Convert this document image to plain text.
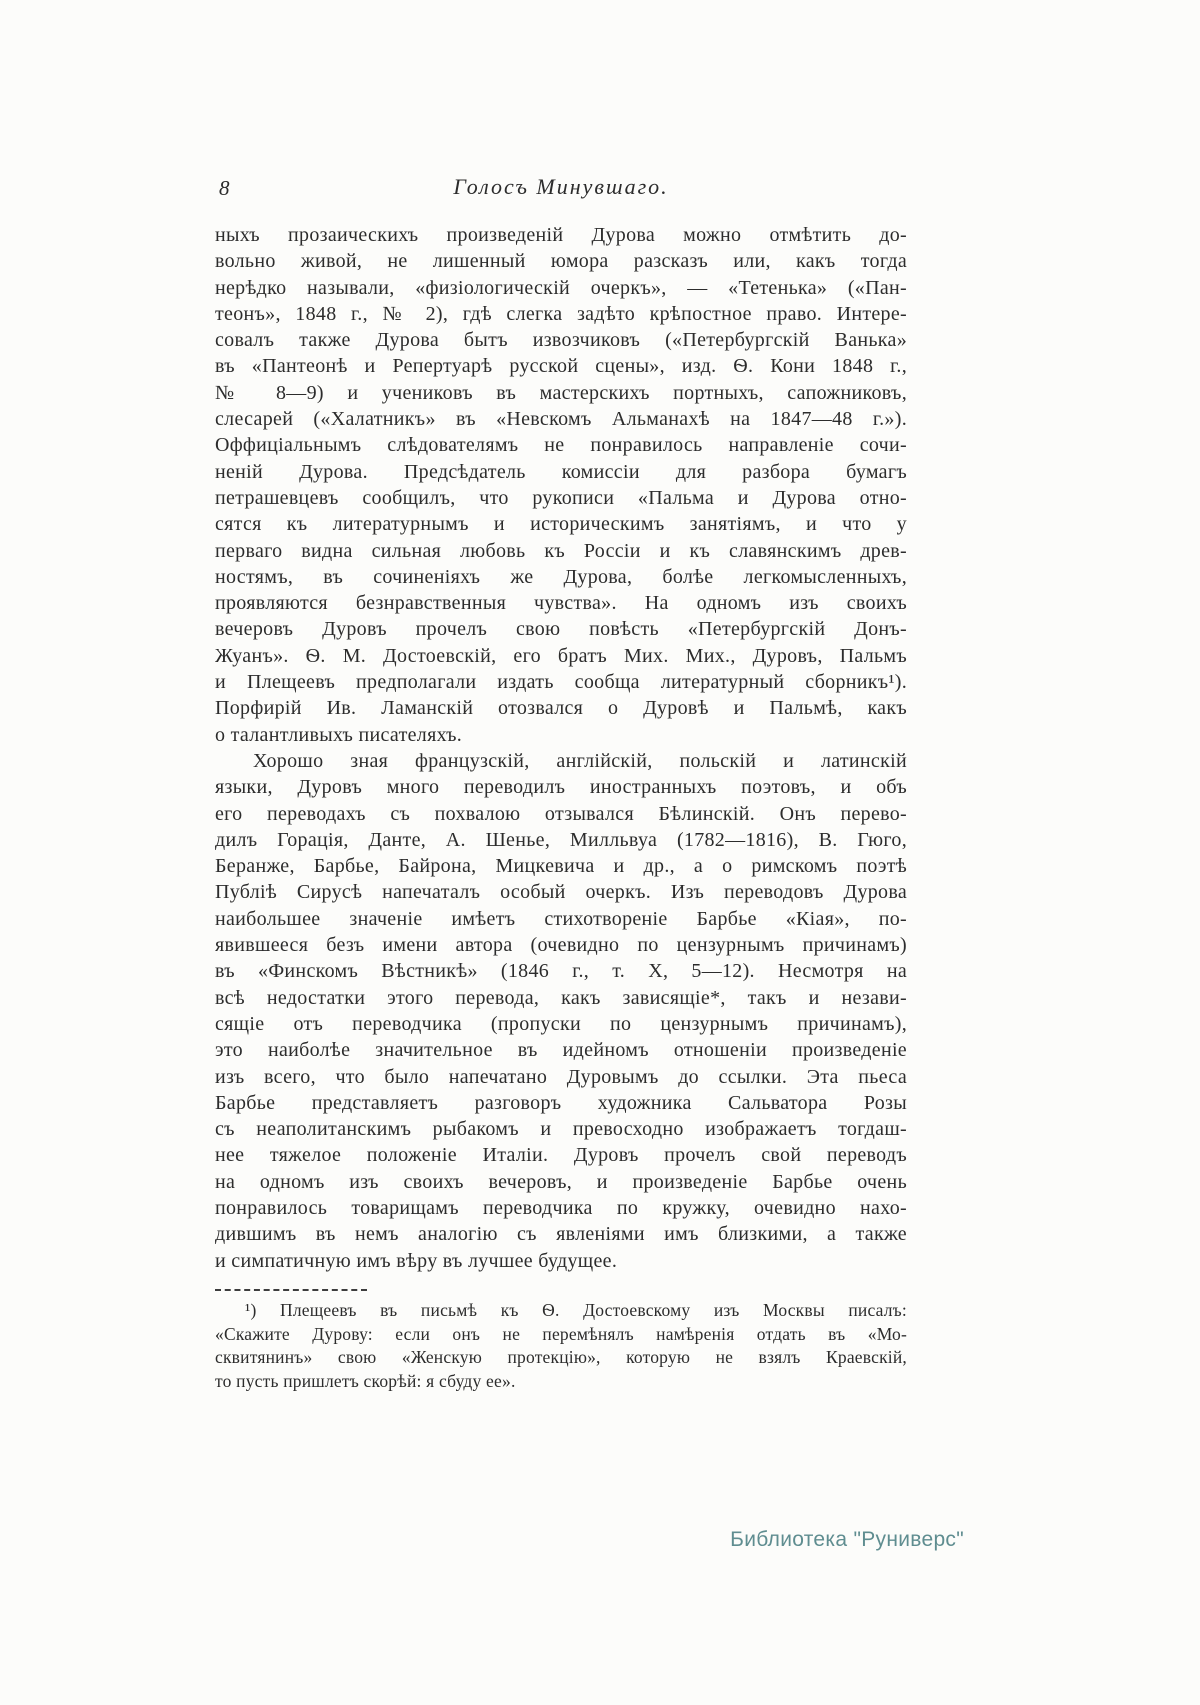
8	Голосъ Минувшаго.
ныхъ прозаическихъ произведеній Дурова можно отмѣтить до-
вольно живой, не лишенный юмора разсказъ или, какъ тогда
нерѣдко называли, «физіологическій очеркъ», — «Тетенька» («Пан-
теонъ», 1848 г., № 2), гдѣ слегка задѣто крѣпостное право. Интере-
совалъ также Дурова бытъ извозчиковъ («Петербургскій Ванька»
въ «Пантеонѣ и Репертуарѣ русской сцены», изд. Ѳ. Кони 1848 г.,
№ 8—9) и учениковъ въ мастерскихъ портныхъ, сапожниковъ,
слесарей («Халатникъ» въ «Невскомъ Альманахѣ на 1847—48 г.»).
Оффиціальнымъ слѣдователямъ не понравилось направленіе сочи-
неній Дурова. Предсѣдатель комиссіи для разбора бумагъ
петрашевцевъ сообщилъ, что рукописи «Пальма и Дурова отно-
сятся къ литературнымъ и историческимъ занятіямъ, и что у
перваго видна сильная любовь къ Россіи и къ славянскимъ древ-
ностямъ, въ сочиненіяхъ же Дурова, болѣе легкомысленныхъ,
проявляются безнравственныя чувства». На одномъ изъ своихъ
вечеровъ Дуровъ прочелъ свою повѣсть «Петербургскій Донъ-
Жуанъ». Ѳ. М. Достоевскій, его братъ Мих. Мих., Дуровъ, Пальмъ
и Плещеевъ предполагали издать сообща литературный сборникъ¹).
Порфирій Ив. Ламанскій отозвался о Дуровѣ и Пальмѣ, какъ
о талантливыхъ писателяхъ.
Хорошо зная французскій, англійскій, польскій и латинскій
языки, Дуровъ много переводилъ иностранныхъ поэтовъ, и объ
его переводахъ съ похвалою отзывался Бѣлинскій. Онъ перево-
дилъ Горація, Данте, А. Шенье, Милльвуа (1782—1816), В. Гюго,
Беранже, Барбье, Байрона, Мицкевича и др., а о римскомъ поэтѣ
Публіѣ Сирусѣ напечаталъ особый очеркъ. Изъ переводовъ Дурова
наибольшее значеніе имѣетъ стихотвореніе Барбье «Кіая», по-
явившееся безъ имени автора (очевидно по цензурнымъ причинамъ)
въ «Финскомъ Вѣстникѣ» (1846 г., т. X, 5—12). Несмотря на
всѣ недостатки этого перевода, какъ зависящіе*, такъ и незави-
сящіе отъ переводчика (пропуски по цензурнымъ причинамъ),
это наиболѣе значительное въ идейномъ отношеніи произведеніе
изъ всего, что было напечатано Дуровымъ до ссылки. Эта пьеса
Барбье представляетъ разговоръ художника Сальватора Розы
съ неаполитанскимъ рыбакомъ и превосходно изображаетъ тогдаш-
нее тяжелое положеніе Италіи. Дуровъ прочелъ свой переводъ
на одномъ изъ своихъ вечеровъ, и произведеніе Барбье очень
понравилось товарищамъ переводчика по кружку, очевидно нахо-
дившимъ въ немъ аналогію съ явленіями имъ близкими, а также
и симпатичную имъ вѣру въ лучшее будущее.
¹) Плещеевъ въ письмѣ къ Ѳ. Достоевскому изъ Москвы писалъ:
«Скажите Дурову: если онъ не перемѣнялъ намѣренія отдать въ «Мо-
сквитянинъ» свою «Женскую протекцію», которую не взялъ Краевскій,
то пусть пришлетъ скорѣй: я сбуду ее».
Библиотека "Руниверс"
